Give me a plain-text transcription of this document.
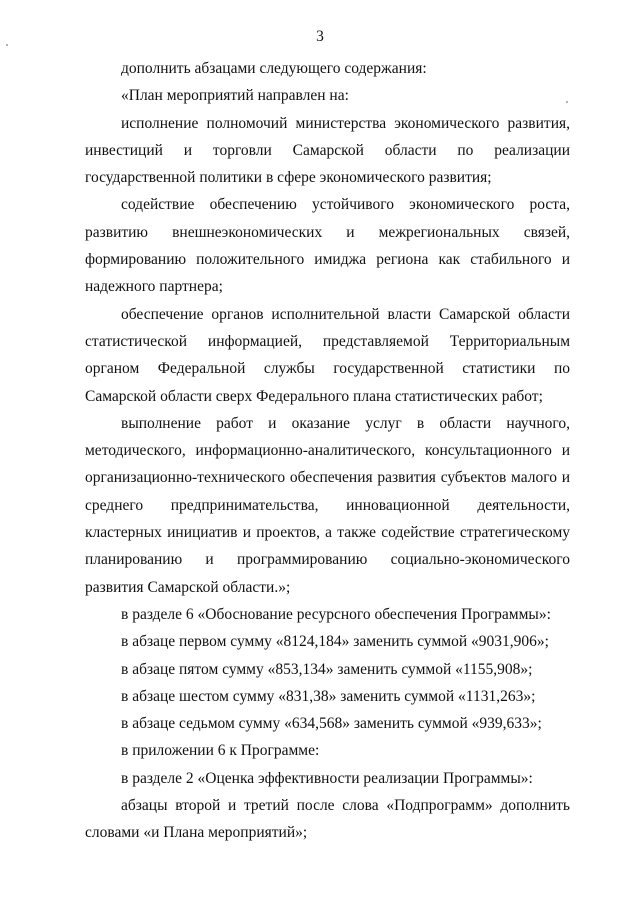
3

дополнить абзацами следующего содержания:

«План мероприятий направлен на:

исполнение полномочий министерства экономического развития, инвестиций и торговли Самарской области по реализации государственной политики в сфере экономического развития;

содействие обеспечению устойчивого экономического роста, развитию внешнеэкономических и межрегиональных связей, формированию положительного имиджа региона как стабильного и надежного партнера;

обеспечение органов исполнительной власти Самарской области статистической информацией, представляемой Территориальным органом Федеральной службы государственной статистики по Самарской области сверх Федерального плана статистических работ;

выполнение работ и оказание услуг в области научного, методического, информационно-аналитического, консультационного и организационно-технического обеспечения развития субъектов малого и среднего предпринимательства, инновационной деятельности, кластерных инициатив и проектов, а также содействие стратегическому планированию и программированию социально-экономического развития Самарской области.»;

в разделе 6 «Обоснование ресурсного обеспечения Программы»:

в абзаце первом сумму «8124,184» заменить суммой «9031,906»;

в абзаце пятом сумму «853,134» заменить суммой «1155,908»;

в абзаце шестом сумму «831,38» заменить суммой «1131,263»;

в абзаце седьмом сумму «634,568» заменить суммой «939,633»;

в приложении 6 к Программе:

в разделе 2 «Оценка эффективности реализации Программы»:

абзацы второй и третий после слова «Подпрограмм» дополнить словами «и Плана мероприятий»;
